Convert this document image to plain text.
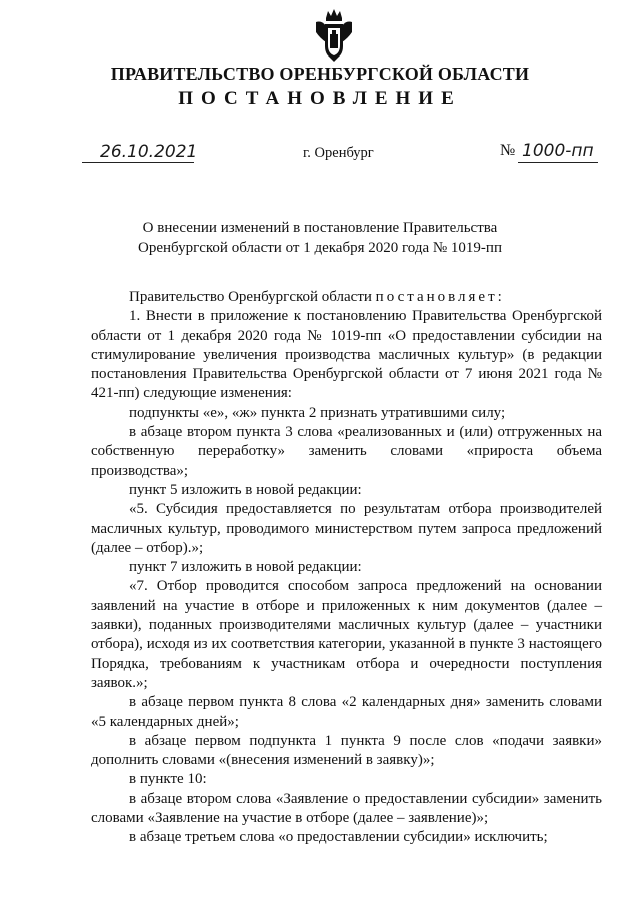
ПРАВИТЕЛЬСТВО ОРЕНБУРГСКОЙ ОБЛАСТИ
ПОСТАНОВЛЕНИЕ
26.10.2021	г. Оренбург	№ 1000-пп
О внесении изменений в постановление Правительства
Оренбургской области от 1 декабря 2020 года № 1019-пп

Правительство Оренбургской области постановляет:

1. Внести в приложение к постановлению Правительства Оренбургской области от 1 декабря 2020 года № 1019-пп «О предоставлении субсидии на стимулирование увеличения производства масличных культур» (в редакции постановления Правительства Оренбургской области от 7 июня 2021 года № 421-пп) следующие изменения:

подпункты «е», «ж» пункта 2 признать утратившими силу;

в абзаце втором пункта 3 слова «реализованных и (или) отгруженных на собственную переработку» заменить словами «прироста объема производства»;

пункт 5 изложить в новой редакции:

«5. Субсидия предоставляется по результатам отбора производителей масличных культур, проводимого министерством путем запроса предложений (далее – отбор).»;

пункт 7 изложить в новой редакции:

«7. Отбор проводится способом запроса предложений на основании заявлений на участие в отборе и приложенных к ним документов (далее – заявки), поданных производителями масличных культур (далее – участники отбора), исходя из их соответствия категории, указанной в пункте 3 настоящего Порядка, требованиям к участникам отбора и очередности поступления заявок.»;

в абзаце первом пункта 8 слова «2 календарных дня» заменить словами «5 календарных дней»;

в абзаце первом подпункта 1 пункта 9 после слов «подачи заявки» дополнить словами «(внесения изменений в заявку)»;

в пункте 10:

в абзаце втором слова «Заявление о предоставлении субсидии» заменить словами «Заявление на участие в отборе (далее – заявление)»;

в абзаце третьем слова «о предоставлении субсидии» исключить;
